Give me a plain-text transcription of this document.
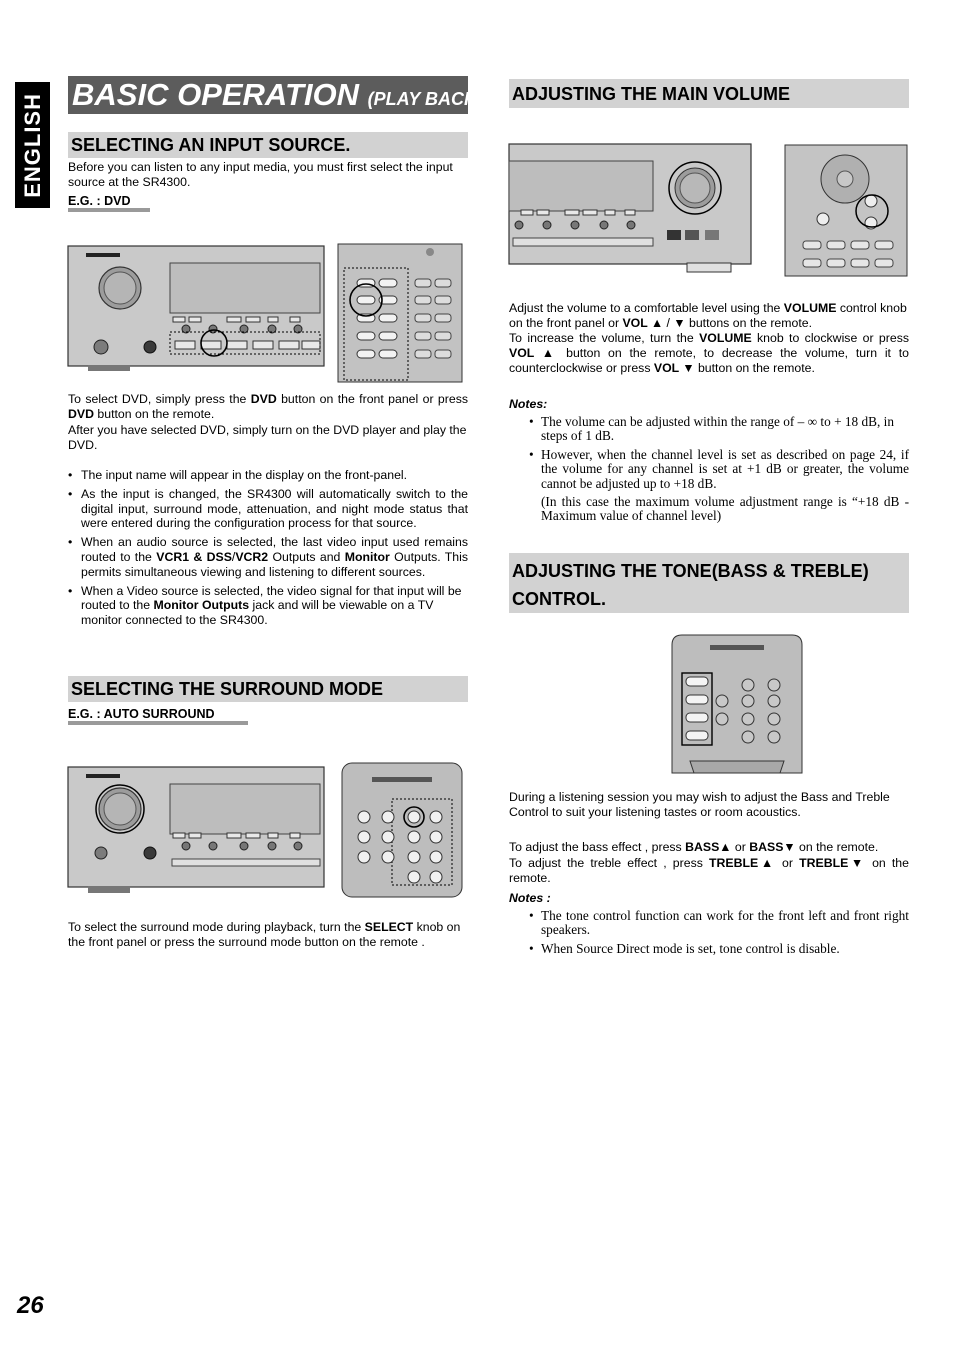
ENGLISH BASIC OPERATION (PLAY BACK)
SELECTING AN INPUT SOURCE.
Before you can listen to any input media, you must first select the input source at the SR4300.
E.G. : DVD
To select DVD, simply press the DVD button on the front panel or press DVD button on the remote.
After you have selected DVD, simply turn on the DVD player and play the DVD.
• The input name will appear in the display on the front-panel.
• As the input is changed, the SR4300 will automatically switch to the digital input, surround mode, attenuation, and night mode status that were entered during the configuration process for that source.
• When an audio source is selected, the last video input used remains routed to the VCR1 & DSS/VCR2 Outputs and Monitor Outputs. This permits simultaneous viewing and listening to different sources.
• When a Video source is selected, the video signal for that input will be routed to the Monitor Outputs jack and will be viewable on a TV monitor connected to the SR4300.
SELECTING THE SURROUND MODE
E.G. : AUTO SURROUND
To select the surround mode during playback, turn the SELECT knob on the front panel or press the surround mode button on the remote .
ADJUSTING THE MAIN VOLUME
Adjust the volume to a comfortable level using the VOLUME control knob on the front panel or VOL ▲ / ▼ buttons on the remote.
To increase the volume, turn the VOLUME knob to clockwise or press VOL ▲ button on the remote, to decrease the volume, turn it to counterclockwise or press VOL ▼ button on the remote.
Notes:
• The volume can be adjusted within the range of – ∞ to + 18 dB, in steps of 1 dB.
• However, when the channel level is set as described on page 24, if the volume for any channel is set at +1 dB or greater, the volume cannot be adjusted up to +18 dB.
(In this case the maximum volume adjustment range is “+18 dB - Maximum value of channel level)
ADJUSTING THE TONE(BASS & TREBLE)
CONTROL.
During a listening session you may wish to adjust the Bass and Treble Control to suit your listening tastes or room acoustics.
To adjust the bass effect , press BASS▲ or BASS▼ on the remote.
To adjust the treble effect , press TREBLE▲ or TREBLE▼ on the remote.
Notes :
• The tone control function can work for the front left and front right speakers.
• When Source Direct mode is set, tone control is disable.
26
